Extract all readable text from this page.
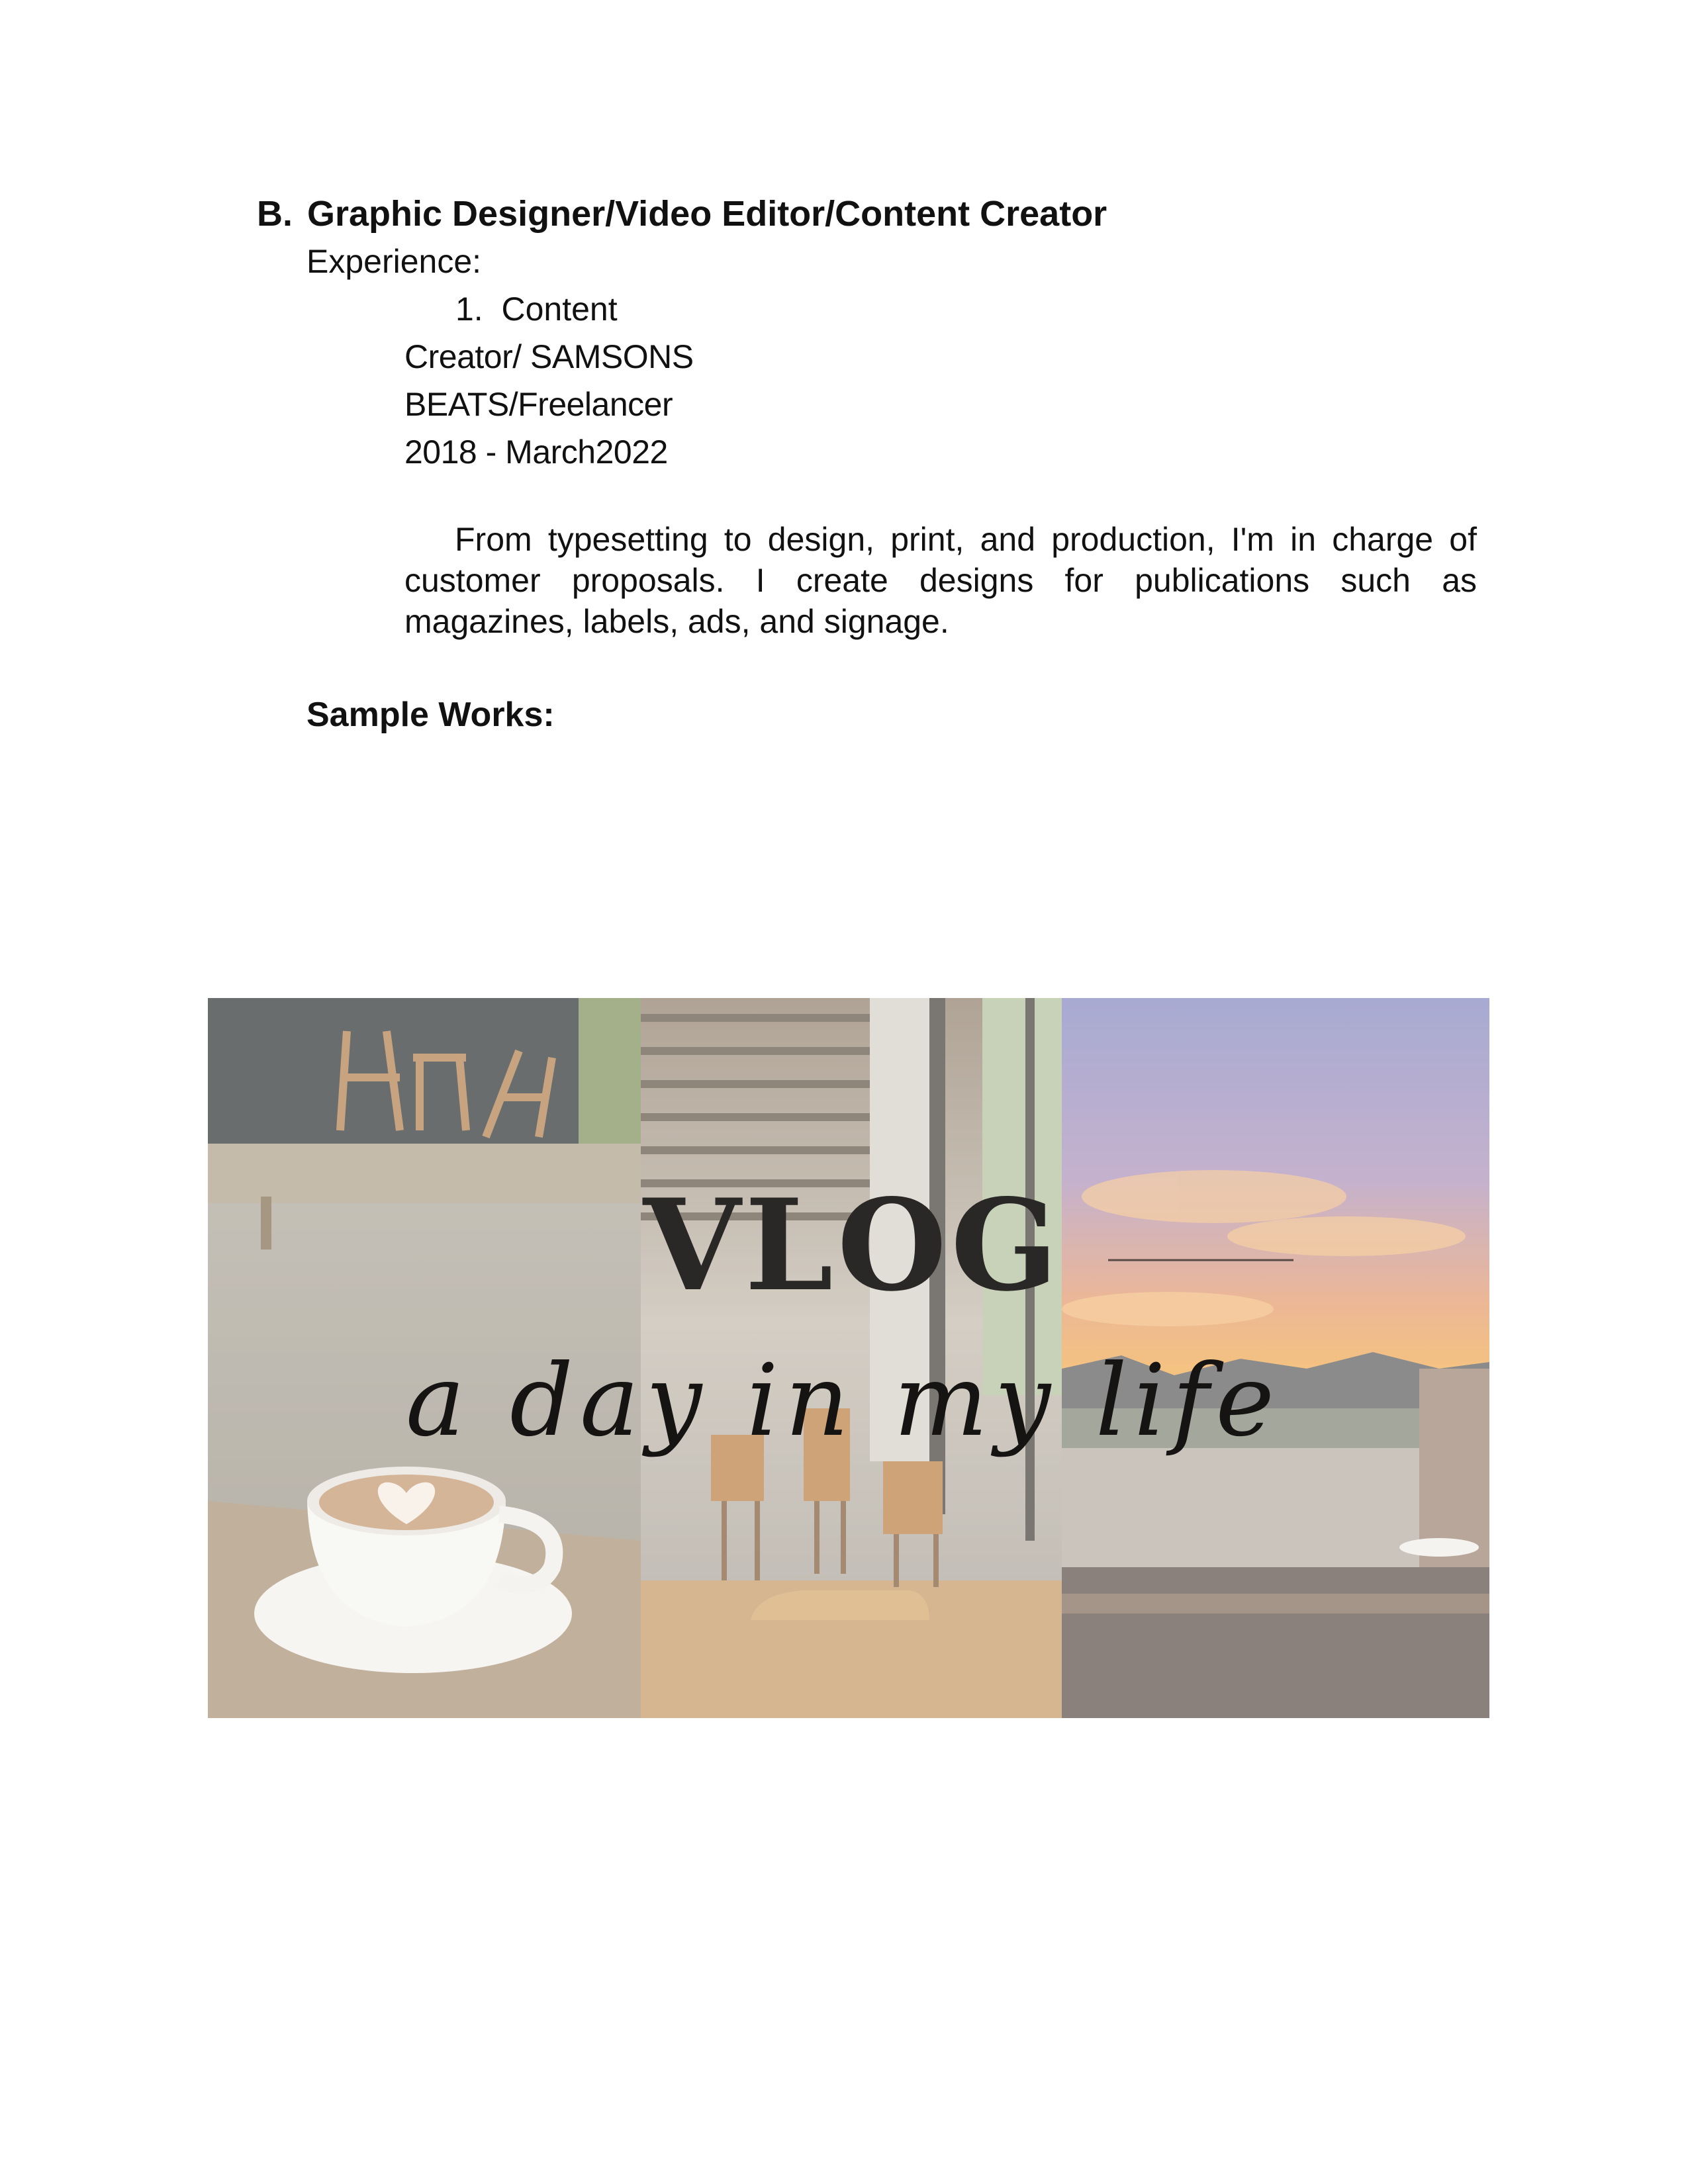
B. Graphic Designer/Video Editor/Content Creator
Experience:
1. Content
Creator/ SAMSONS
BEATS/Freelancer
2018 - March2022
From typesetting to design, print, and production, I'm in charge of customer proposals. I create designs for publications such as magazines, labels, ads, and signage.
Sample Works:
VLOG
a day in my life
